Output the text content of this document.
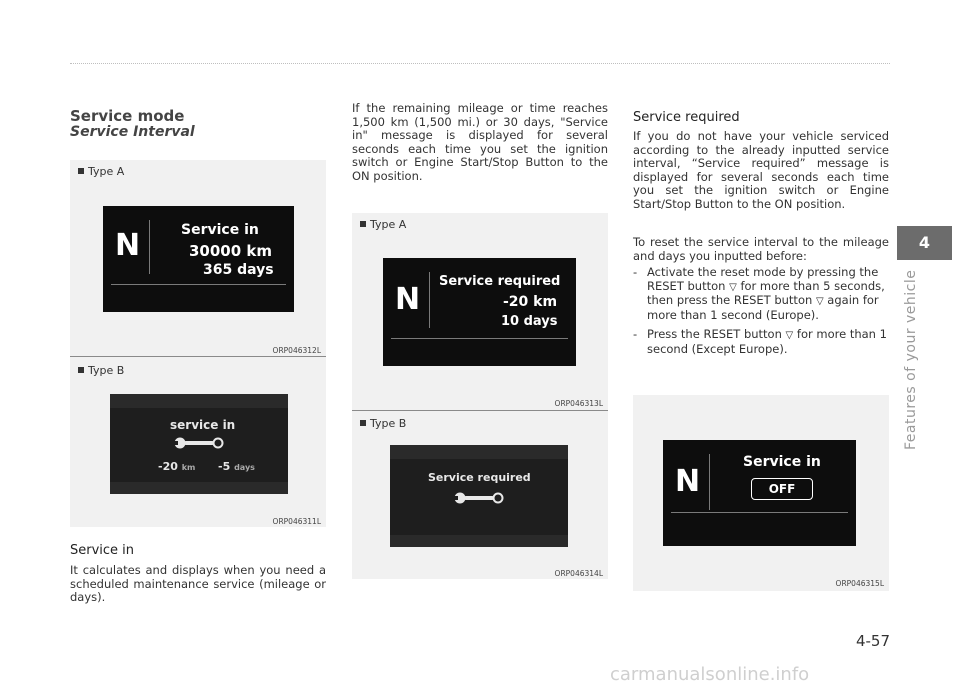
Service mode
Service Interval
Type A
N	Service in
30000 km
365 days
ORP046312L
Type B
service in
-20 km -5 days
ORP046311L
Service in
It calculates and displays when you need a scheduled maintenance service (mileage or days).
If the remaining mileage or time reaches 1,500 km (1,500 mi.) or 30 days, "Service in" message is displayed for several seconds each time you set the ignition switch or Engine Start/Stop Button to the ON position.
Type A
N
Service required
-20 km
10 days
ORP046313L
Type B
Service required
ORP046314L
Service required
If you do not have your vehicle serviced according to the already inputted service interval, “Service required” message is displayed for several seconds each time you set the ignition switch or Engine Start/Stop Button to the ON position.
To reset the service interval to the mileage and days you inputted before:
- Activate the reset mode by pressing the RESET button ▽ for more than 5 seconds, then press the RESET button ▽ again for more than 1 second (Europe).
- Press the RESET button ▽ for more than 1 second (Except Europe).
N
Service in
OFF
ORP046315L
4
Features of your vehicle
4-57
carmanualsonline.info
